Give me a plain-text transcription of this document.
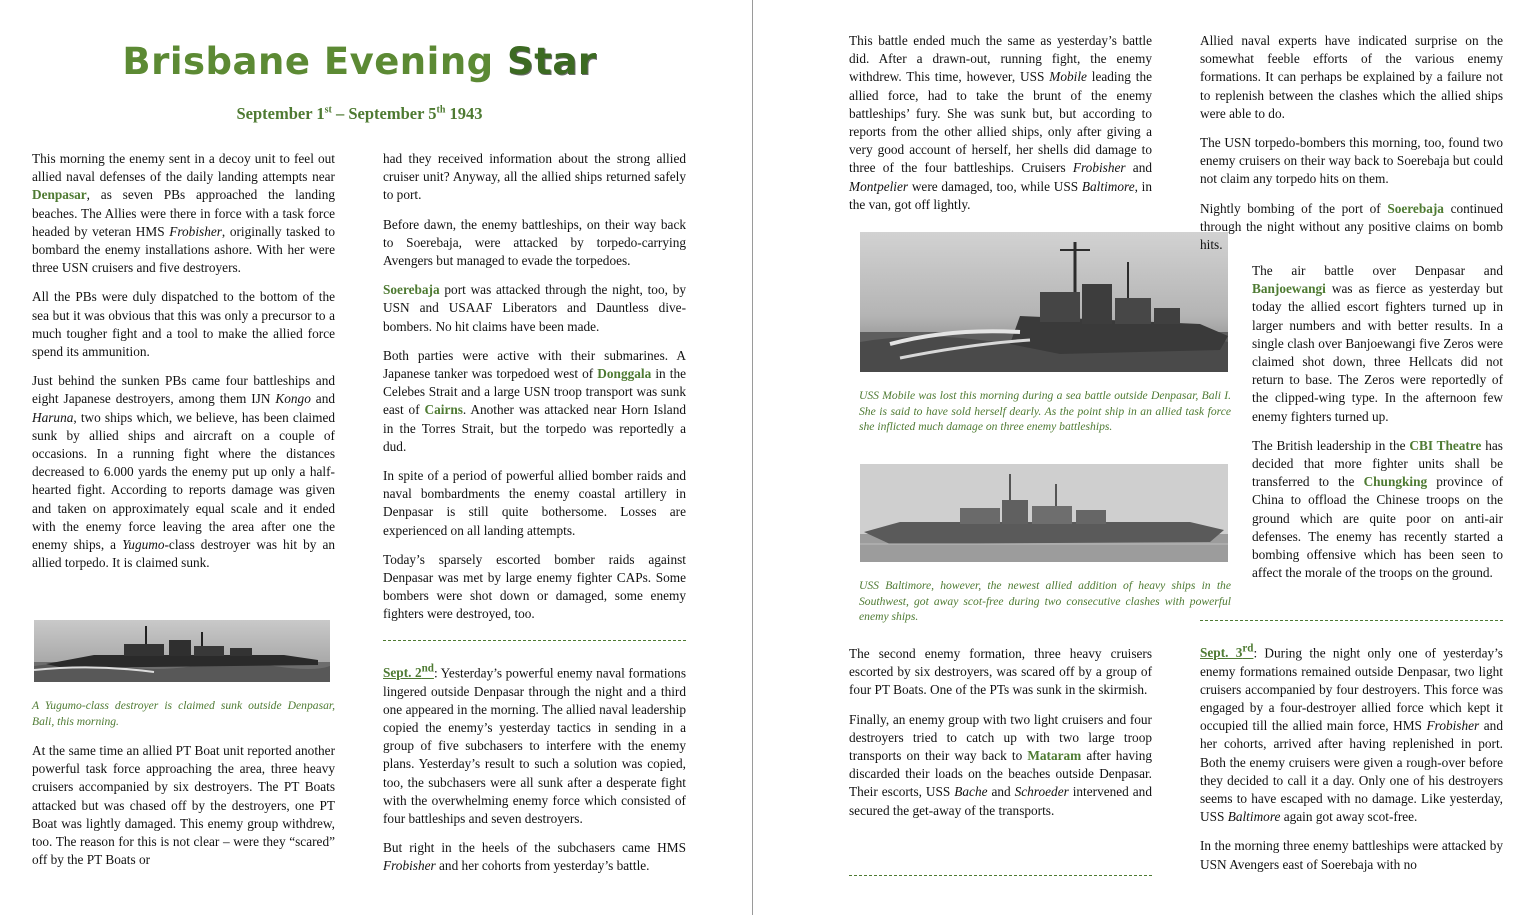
Brisbane Evening Star
September 1st – September 5th 1943

This morning the enemy sent in a decoy unit to feel out allied naval defenses of the daily landing attempts near Denpasar, as seven PBs approached the landing beaches. The Allies were there in force with a task force headed by veteran HMS Frobisher, originally tasked to bombard the enemy installations ashore. With her were three USN cruisers and five destroyers.

All the PBs were duly dispatched to the bottom of the sea but it was obvious that this was only a precursor to a much tougher fight and a tool to make the allied force spend its ammunition.

Just behind the sunken PBs came four battleships and eight Japanese destroyers, among them IJN Kongo and Haruna, two ships which, we believe, has been claimed sunk by allied ships and aircraft on a couple of occasions. In a running fight where the distances decreased to 6.000 yards the enemy put up only a half-hearted fight. According to reports damage was given and taken on approximately equal scale and it ended with the enemy force leaving the area after one the enemy ships, a Yugumo-class destroyer was hit by an allied torpedo. It is claimed sunk.

A Yugumo-class destroyer is claimed sunk outside Denpasar, Bali, this morning.

At the same time an allied PT Boat unit reported another powerful task force approaching the area, three heavy cruisers accompanied by six destroyers. The PT Boats attacked but was chased off by the destroyers, one PT Boat was lightly damaged. This enemy group withdrew, too. The reason for this is not clear – were they “scared” off by the PT Boats or

had they received information about the strong allied cruiser unit? Anyway, all the allied ships returned safely to port.

Before dawn, the enemy battleships, on their way back to Soerebaja, were attacked by torpedo-carrying Avengers but managed to evade the torpedoes.

Soerebaja port was attacked through the night, too, by USN and USAAF Liberators and Dauntless dive-bombers. No hit claims have been made.

Both parties were active with their submarines. A Japanese tanker was torpedoed west of Donggala in the Celebes Strait and a large USN troop transport was sunk east of Cairns. Another was attacked near Horn Island in the Torres Strait, but the torpedo was reportedly a dud.

In spite of a period of powerful allied bomber raids and naval bombardments the enemy coastal artillery in Denpasar is still quite bothersome. Losses are experienced on all landing attempts.

Today’s sparsely escorted bomber raids against Denpasar was met by large enemy fighter CAPs. Some bombers were shot down or damaged, some enemy fighters were destroyed, too.

Sept. 2nd: Yesterday’s powerful enemy naval formations lingered outside Denpasar through the night and a third one appeared in the morning. The allied naval leadership copied the enemy’s yesterday tactics in sending in a group of five subchasers to interfere with the enemy plans. Yesterday’s result to such a solution was copied, too, the subchasers were all sunk after a desperate fight with the overwhelming enemy force which consisted of four battleships and seven destroyers.

But right in the heels of the subchasers came HMS Frobisher and her cohorts from yesterday’s battle.

This battle ended much the same as yesterday’s battle did. After a drawn-out, running fight, the enemy withdrew. This time, however, USS Mobile leading the allied force, had to take the brunt of the enemy battleships’ fury. She was sunk but, but according to reports from the other allied ships, only after giving a very good account of herself, her shells did damage to three of the four battleships. Cruisers Frobisher and Montpelier were damaged, too, while USS Baltimore, in the van, got off lightly.

USS Mobile was lost this morning during a sea battle outside Denpasar, Bali I. She is said to have sold herself dearly. As the point ship in an allied task force she inflicted much damage on three enemy battleships.
USS Baltimore, however, the newest allied addition of heavy ships in the Southwest, got away scot-free during two consecutive clashes with powerful enemy ships.

The second enemy formation, three heavy cruisers escorted by six destroyers, was scared off by a group of four PT Boats. One of the PTs was sunk in the skirmish.

Finally, an enemy group with two light cruisers and four destroyers tried to catch up with two large troop transports on their way back to Mataram after having discarded their loads on the beaches outside Denpasar. Their escorts, USS Bache and Schroeder intervened and secured the get-away of the transports.

Allied naval experts have indicated surprise on the somewhat feeble efforts of the various enemy formations. It can perhaps be explained by a failure not to replenish between the clashes which the allied ships were able to do.

The USN torpedo-bombers this morning, too, found two enemy cruisers on their way back to Soerebaja but could not claim any torpedo hits on them.

Nightly bombing of the port of Soerebaja continued through the night without any positive claims on bomb hits.

The air battle over Denpasar and Banjoewangi was as fierce as yesterday but today the allied escort fighters turned up in larger numbers and with better results. In a single clash over Banjoewangi five Zeros were claimed shot down, three Hellcats did not return to base. The Zeros were reportedly of the clipped-wing type. In the afternoon few enemy fighters turned up.

The British leadership in the CBI Theatre has decided that more fighter units shall be transferred to the Chungking province of China to offload the Chinese troops on the ground which are quite poor on anti-air defenses. The enemy has recently started a bombing offensive which has been seen to affect the morale of the troops on the ground.

Sept. 3rd: During the night only one of yesterday’s enemy formations remained outside Denpasar, two light cruisers accompanied by four destroyers. This force was engaged by a four-destroyer allied force which kept it occupied till the allied main force, HMS Frobisher and her cohorts, arrived after having replenished in port. Both the enemy cruisers were given a rough-over before they decided to call it a day. Only one of his destroyers seems to have escaped with no damage. Like yesterday, USS Baltimore again got away scot-free.

In the morning three enemy battleships were attacked by USN Avengers east of Soerebaja with no
